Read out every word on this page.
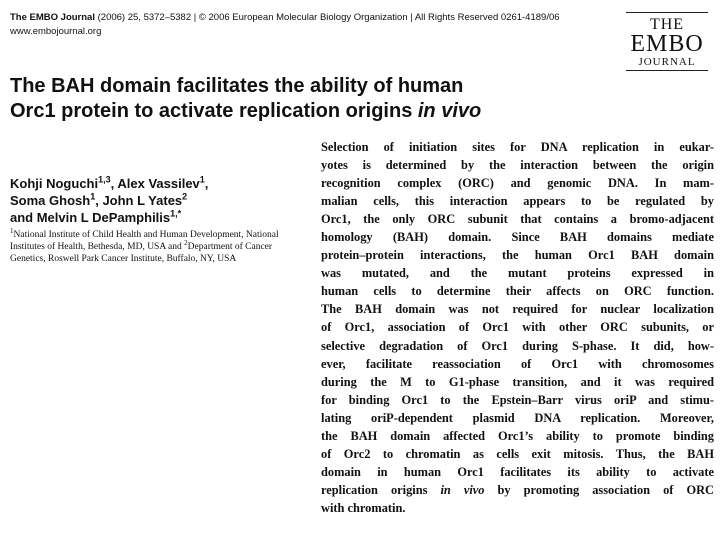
The EMBO Journal (2006) 25, 5372–5382 | © 2006 European Molecular Biology Organization | All Rights Reserved 0261-4189/06
www.embojournal.org	THE
EMBO
JOURNAL
The BAH domain facilitates the ability of human
Orc1 protein to activate replication origins in vivo
Kohji Noguchi$^{1,3}$, Alex Vassilev$^1$,
Soma Ghosh$^1$, John L Yates$^2$
and Melvin L DePamphilis$^{1,*}$
$^1$National Institute of Child Health and Human Development, National Institutes of Health, Bethesda, MD, USA and $^2$Department of Cancer Genetics, Roswell Park Cancer Institute, Buffalo, NY, USA
Selection of initiation sites for DNA replication in eukar-
yotes is determined by the interaction between the origin
recognition complex (ORC) and genomic DNA. In mam-
malian cells, this interaction appears to be regulated by
Orc1, the only ORC subunit that contains a bromo-adjacent
homology (BAH) domain. Since BAH domains mediate
protein–protein interactions, the human Orc1 BAH domain
was mutated, and the mutant proteins expressed in
human cells to determine their affects on ORC function.
The BAH domain was not required for nuclear localization
of Orc1, association of Orc1 with other ORC subunits, or
selective degradation of Orc1 during S-phase. It did, how-
ever, facilitate reassociation of Orc1 with chromosomes
during the M to G1-phase transition, and it was required
for binding Orc1 to the Epstein–Barr virus oriP and stimu-
lating oriP-dependent plasmid DNA replication. Moreover,
the BAH domain affected Orc1’s ability to promote binding
of Orc2 to chromatin as cells exit mitosis. Thus, the BAH
domain in human Orc1 facilitates its ability to activate
replication origins in vivo by promoting association of ORC
with chromatin.
